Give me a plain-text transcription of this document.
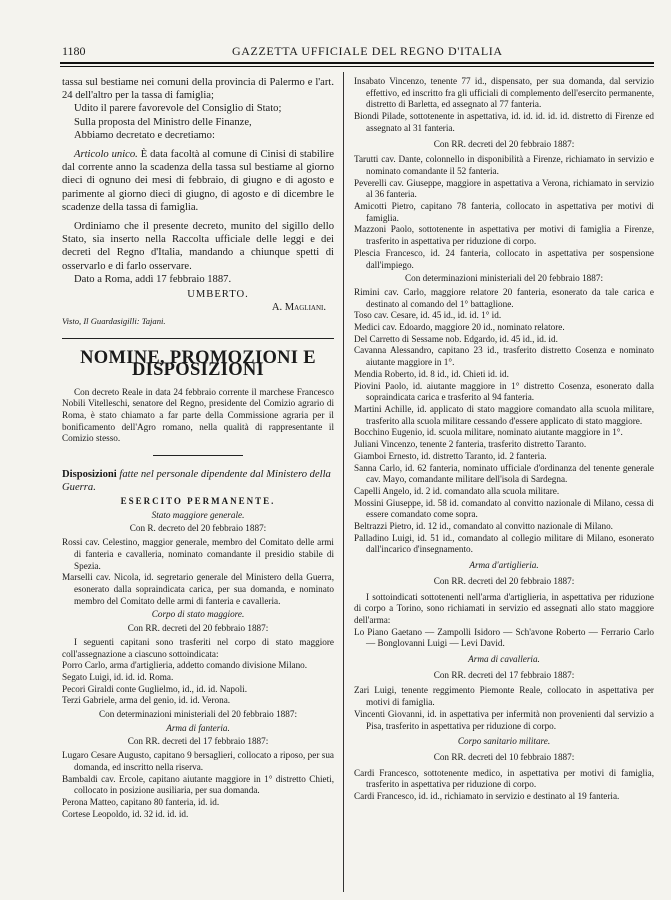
1180	GAZZETTA UFFICIALE DEL REGNO D'ITALIA

tassa sul bestiame nei comuni della provincia di Palermo e l'art. 24 dell'altro per la tassa di famiglia;

Udito il parere favorevole del Consiglio di Stato;

Sulla proposta del Ministro delle Finanze,

Abbiamo decretato e decretiamo:

Articolo unico. È data facoltà al comune di Cinisi di stabilire dal corrente anno la scadenza della tassa sul bestiame al giorno dieci di ognuno dei mesi di febbraio, di giugno e di agosto e parimente al giorno dieci di giugno, di agosto e di dicembre le scadenze della tassa di famiglia.

Ordiniamo che il presente decreto, munito del sigillo dello Stato, sia inserto nella Raccolta ufficiale delle leggi e dei decreti del Regno d'Italia, mandando a chiunque spetti di osservarlo e di farlo osservare.

Dato a Roma, addì 17 febbraio 1887.

UMBERTO.

A. Magliani.

Visto, Il Guardasigilli: Tajani.

NOMINE, PROMOZIONI E DISPOSIZIONI

Con decreto Reale in data 24 febbraio corrente il marchese Francesco Nobili Vitelleschi, senatore del Regno, presidente del Comizio agrario di Roma, è stato chiamato a far parte della Commissione agraria per il bonificamento dell'Agro romano, nella qualità di rappresentante il Comizio stesso.

Disposizioni fatte nel personale dipendente dal Ministero della Guerra.

ESERCITO PERMANENTE.

Stato maggiore generale.

Con R. decreto del 20 febbraio 1887:

Rossi cav. Celestino, maggior generale, membro del Comitato delle armi di fanteria e cavalleria, nominato comandante il presidio stabile di Spezia.

Marselli cav. Nicola, id. segretario generale del Ministero della Guerra, esonerato dalla sopraindicata carica, per sua domanda, e nominato membro del Comitato delle armi di fanteria e cavalleria.

Corpo di stato maggiore.

Con RR. decreti del 20 febbraio 1887:

I seguenti capitani sono trasferiti nel corpo di stato maggiore coll'assegnazione a ciascuno sottoindicata:

Porro Carlo, arma d'artiglieria, addetto comando divisione Milano.

Segato Luigi, id. id. id. Roma.

Pecori Giraldi conte Guglielmo, id., id. id. Napoli.

Terzi Gabriele, arma del genio, id. id. Verona.

Con determinazioni ministeriali del 20 febbraio 1887:

Arma di fanteria.

Con RR. decreti del 17 febbraio 1887:

Lugaro Cesare Augusto, capitano 9 bersaglieri, collocato a riposo, per sua domanda, ed inscritto nella riserva.

Bambaldi cav. Ercole, capitano aiutante maggiore in 1° distretto Chieti, collocato in posizione ausiliaria, per sua domanda.

Perona Matteo, capitano 80 fanteria, id. id.

Cortese Leopoldo, id. 32 id. id. id.

Insabato Vincenzo, tenente 77 id., dispensato, per sua domanda, dal servizio effettivo, ed inscritto fra gli ufficiali di complemento dell'esercito permanente, distretto di Barletta, ed assegnato al 77 fanteria.

Biondi Pilade, sottotenente in aspettativa, id. id. id. id. id. distretto di Firenze ed assegnato al 31 fanteria.

Con RR. decreti del 20 febbraio 1887:

Tarutti cav. Dante, colonnello in disponibilità a Firenze, richiamato in servizio e nominato comandante il 52 fanteria.

Peverelli cav. Giuseppe, maggiore in aspettativa a Verona, richiamato in servizio al 36 fanteria.

Amicotti Pietro, capitano 78 fanteria, collocato in aspettativa per motivi di famiglia.

Mazzoni Paolo, sottotenente in aspettativa per motivi di famiglia a Firenze, trasferito in aspettativa per riduzione di corpo.

Plescia Francesco, id. 24 fanteria, collocato in aspettativa per sospensione dall'impiego.

Con determinazioni ministeriali del 20 febbraio 1887:

Rimini cav. Carlo, maggiore relatore 20 fanteria, esonerato da tale carica e destinato al comando del 1° battaglione.

Toso cav. Cesare, id. 45 id., id. id. 1° id.

Medici cav. Edoardo, maggiore 20 id., nominato relatore.

Del Carretto di Sessame nob. Edgardo, id. 45 id., id. id.

Cavanna Alessandro, capitano 23 id., trasferito distretto Cosenza e nominato aiutante maggiore in 1°.

Mendia Roberto, id. 8 id., id. Chieti id. id.

Piovini Paolo, id. aiutante maggiore in 1° distretto Cosenza, esonerato dalla sopraindicata carica e trasferito al 94 fanteria.

Martini Achille, id. applicato di stato maggiore comandato alla scuola militare, trasferito alla scuola militare cessando d'essere applicato di stato maggiore.

Bocchino Eugenio, id. scuola militare, nominato aiutante maggiore in 1°.

Juliani Vincenzo, tenente 2 fanteria, trasferito distretto Taranto.

Giamboi Ernesto, id. distretto Taranto, id. 2 fanteria.

Sanna Carlo, id. 62 fanteria, nominato ufficiale d'ordinanza del tenente generale cav. Mayo, comandante militare dell'isola di Sardegna.

Capelli Angelo, id. 2 id. comandato alla scuola militare.

Mossini Giuseppe, id. 58 id. comandato al convitto nazionale di Milano, cessa di essere comandato come sopra.

Beltrazzi Pietro, id. 12 id., comandato al convitto nazionale di Milano.

Palladino Luigi, id. 51 id., comandato al collegio militare di Milano, esonerato dall'incarico d'insegnamento.

Arma d'artiglieria.

Con RR. decreti del 20 febbraio 1887:

I sottoindicati sottotenenti nell'arma d'artiglieria, in aspettativa per riduzione di corpo a Torino, sono richiamati in servizio ed assegnati allo stato maggiore dell'arma:

Lo Piano Gaetano — Zampolli Isidoro — Sch'avone Roberto — Ferrario Carlo — Bonglovanni Luigi — Levi David.

Arma di cavalleria.

Con RR. decreti del 17 febbraio 1887:

Zari Luigi, tenente reggimento Piemonte Reale, collocato in aspettativa per motivi di famiglia.

Vincenti Giovanni, id. in aspettativa per infermità non provenienti dal servizio a Pisa, trasferito in aspettativa per riduzione di corpo.

Corpo sanitario militare.

Con RR. decreti del 10 febbraio 1887:

Cardi Francesco, sottotenente medico, in aspettativa per motivi di famiglia, trasferito in aspettativa per riduzione di corpo.

Cardi Francesco, id. id., richiamato in servizio e destinato al 19 fanteria.
